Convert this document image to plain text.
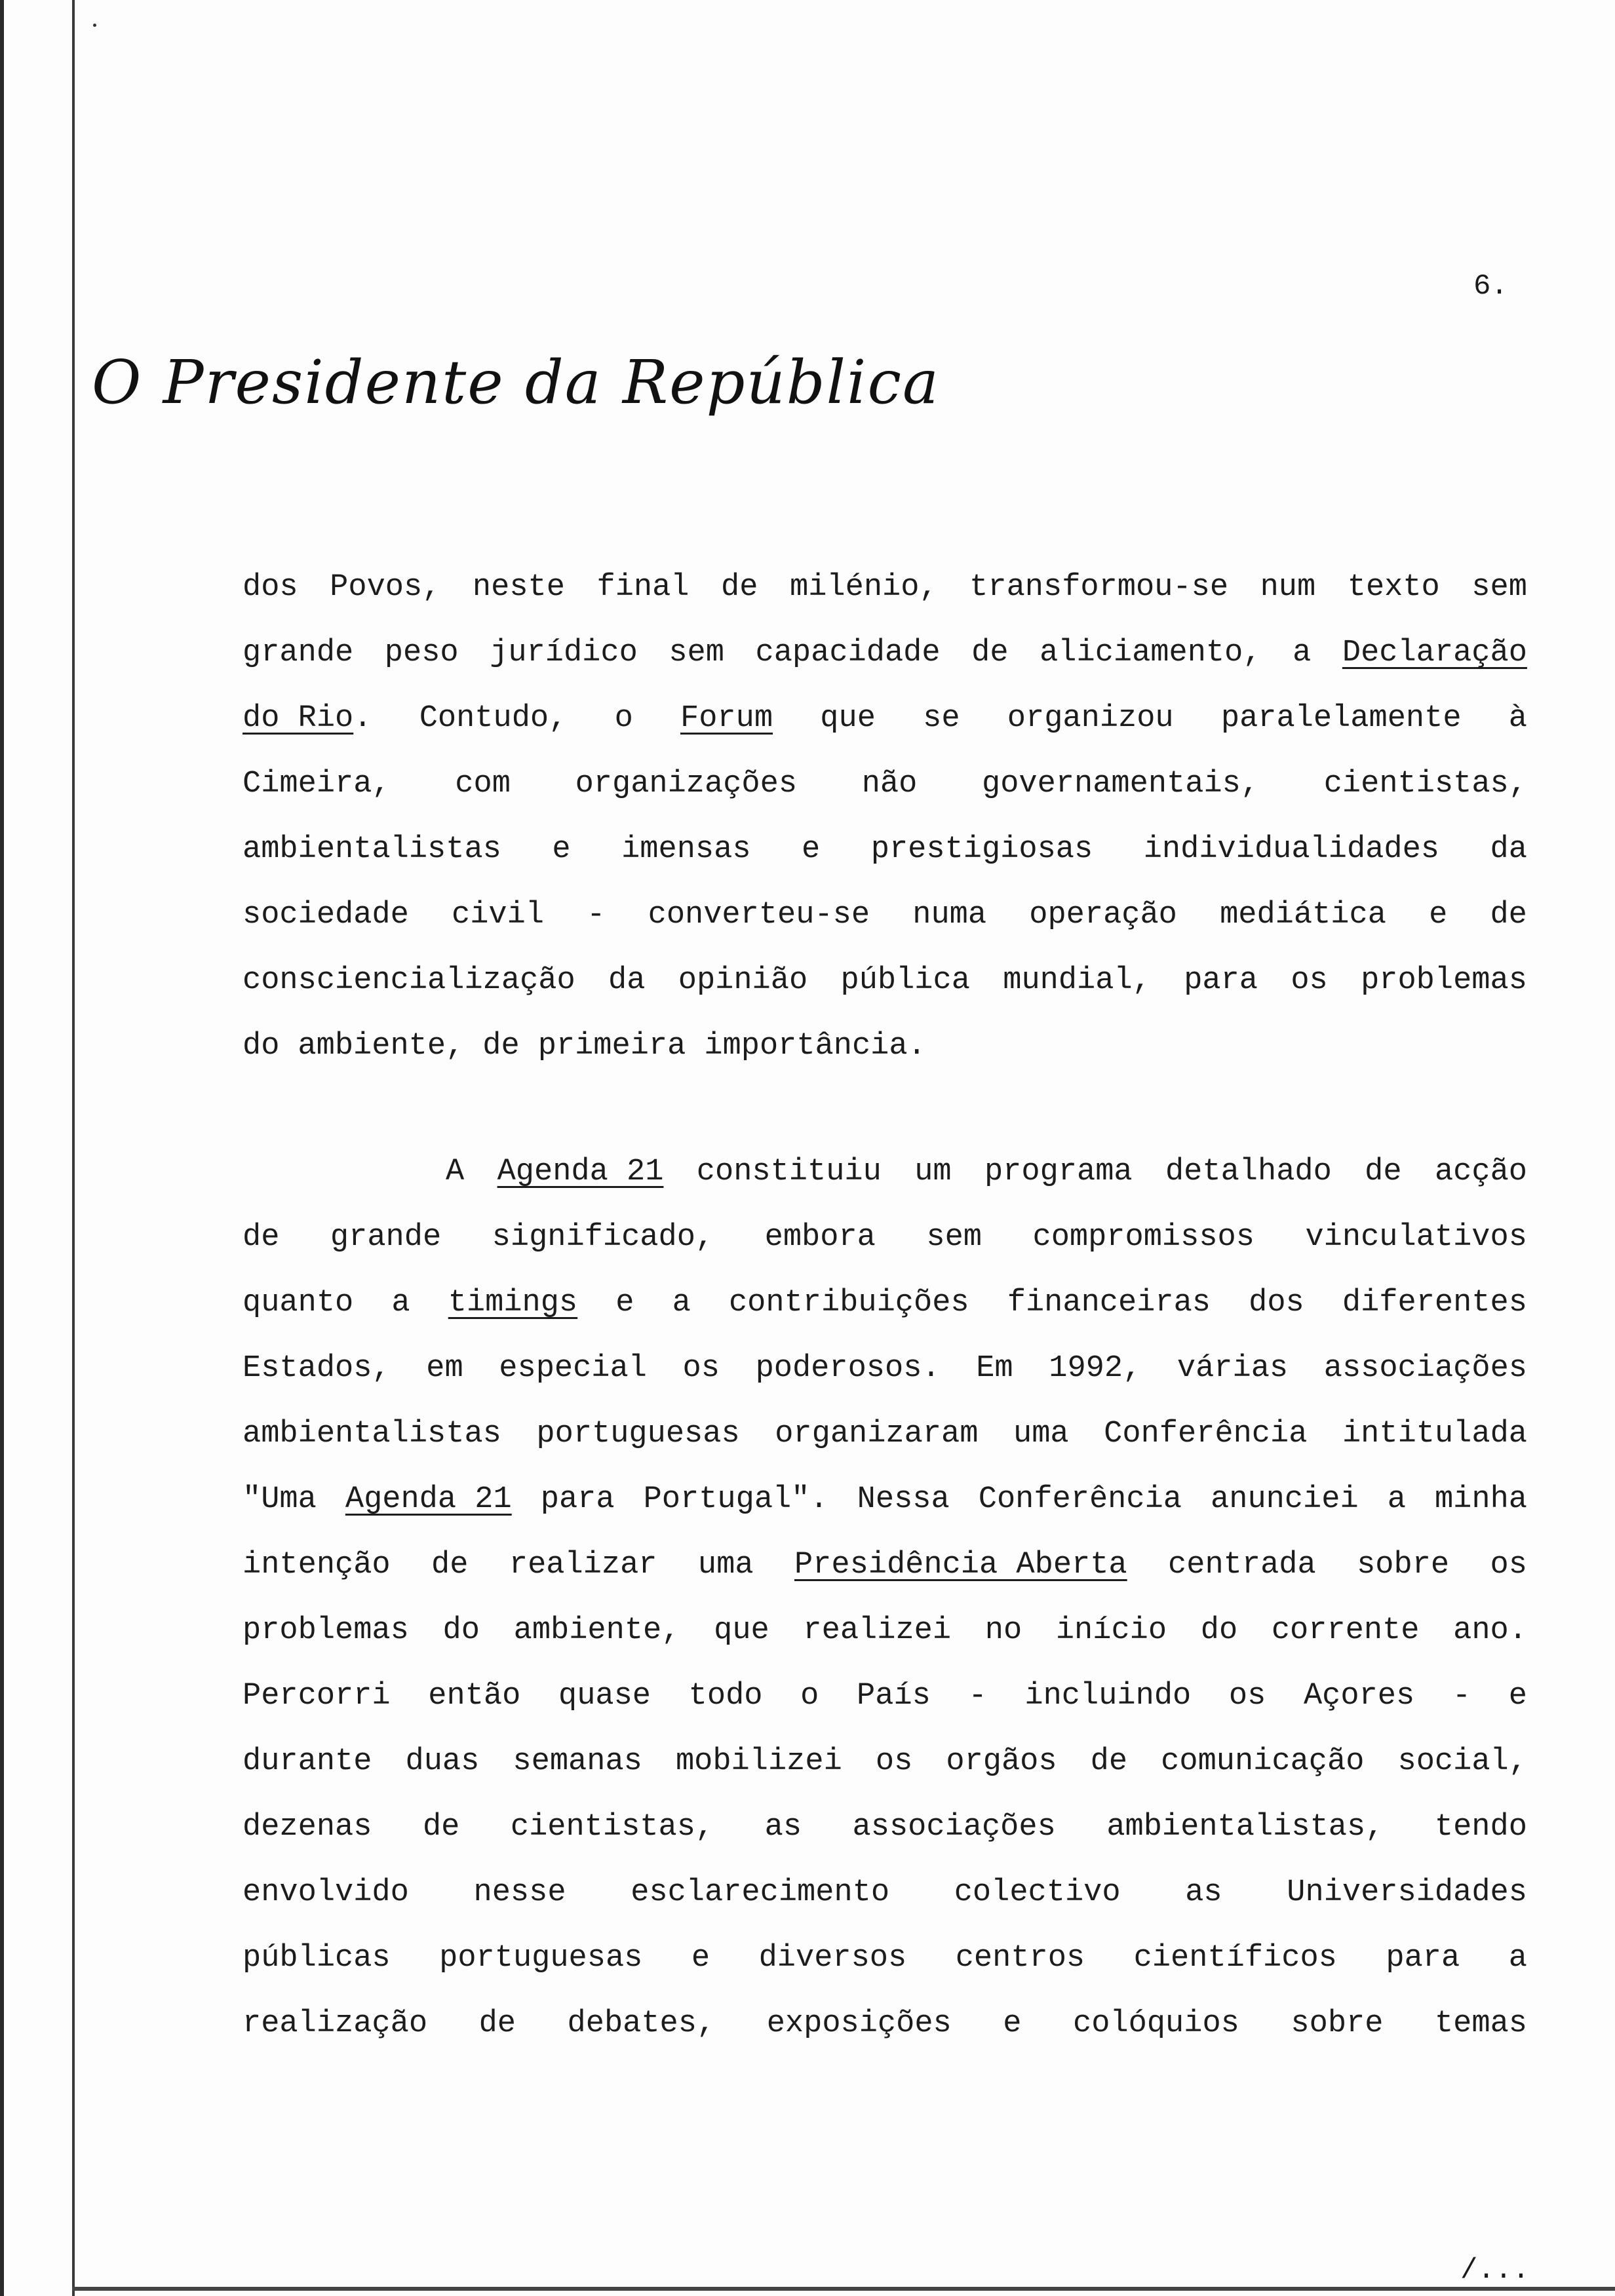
6.
O Presidente da República
dos Povos, neste final de milénio, transformou-se num texto sem
grande peso jurídico sem capacidade de aliciamento, a Declaração
do Rio. Contudo, o Forum que se organizou paralelamente à
Cimeira, com organizações não governamentais, cientistas,
ambientalistas e imensas e prestigiosas individualidades da
sociedade civil - converteu-se numa operação mediática e de
consciencialização da opinião pública mundial, para os problemas
do ambiente, de primeira importância.
A Agenda 21 constituiu um programa detalhado de acção
de grande significado, embora sem compromissos vinculativos
quanto a timings e a contribuições financeiras dos diferentes
Estados, em especial os poderosos. Em 1992, várias associações
ambientalistas portuguesas organizaram uma Conferência intitulada
"Uma Agenda 21 para Portugal". Nessa Conferência anunciei a minha
intenção de realizar uma Presidência Aberta centrada sobre os
problemas do ambiente, que realizei no início do corrente ano.
Percorri então quase todo o País - incluindo os Açores - e
durante duas semanas mobilizei os orgãos de comunicação social,
dezenas de cientistas, as associações ambientalistas, tendo
envolvido nesse esclarecimento colectivo as Universidades
públicas portuguesas e diversos centros científicos para a
realização de debates, exposições e colóquios sobre temas
/...
